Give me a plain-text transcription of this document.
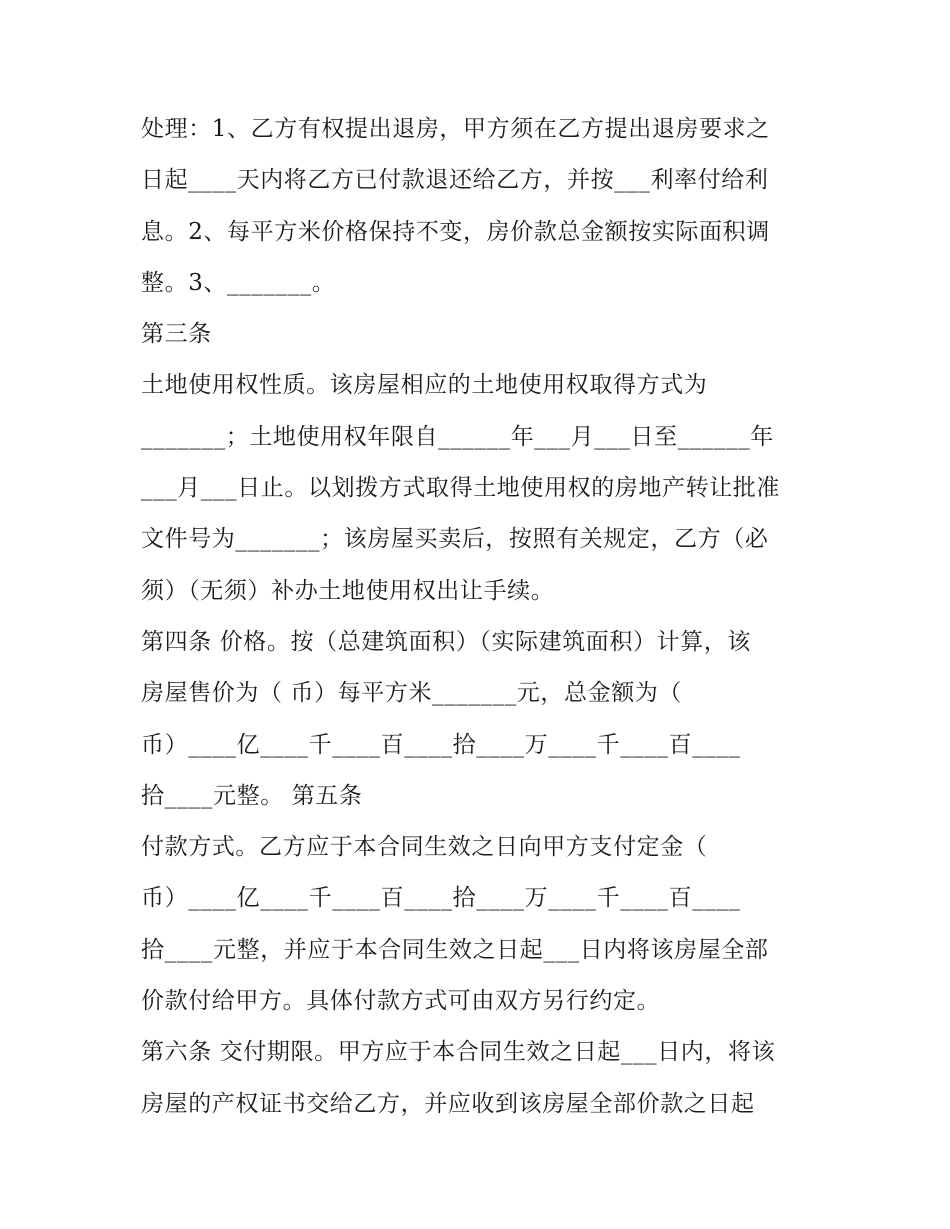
处理：1、乙方有权提出退房，甲方须在乙方提出退房要求之
日起____天内将乙方已付款退还给乙方，并按___利率付给利
息。2、每平方米价格保持不变，房价款总金额按实际面积调
整。3、_______。
第三条
土地使用权性质。该房屋相应的土地使用权取得方式为
_______；土地使用权年限自______年___月___日至______年
___月___日止。以划拨方式取得土地使用权的房地产转让批准
文件号为_______；该房屋买卖后，按照有关规定，乙方（必
须）（无须）补办土地使用权出让手续。
第四条 价格。按（总建筑面积）（实际建筑面积）计算，该
房屋售价为（ 币）每平方米_______元，总金额为（
币）____亿____千____百____拾____万____千____百____
拾____元整。 第五条
付款方式。乙方应于本合同生效之日向甲方支付定金（
币）____亿____千____百____拾____万____千____百____
拾____元整，并应于本合同生效之日起___日内将该房屋全部
价款付给甲方。具体付款方式可由双方另行约定。
第六条 交付期限。甲方应于本合同生效之日起___日内，将该
房屋的产权证书交给乙方，并应收到该房屋全部价款之日起
